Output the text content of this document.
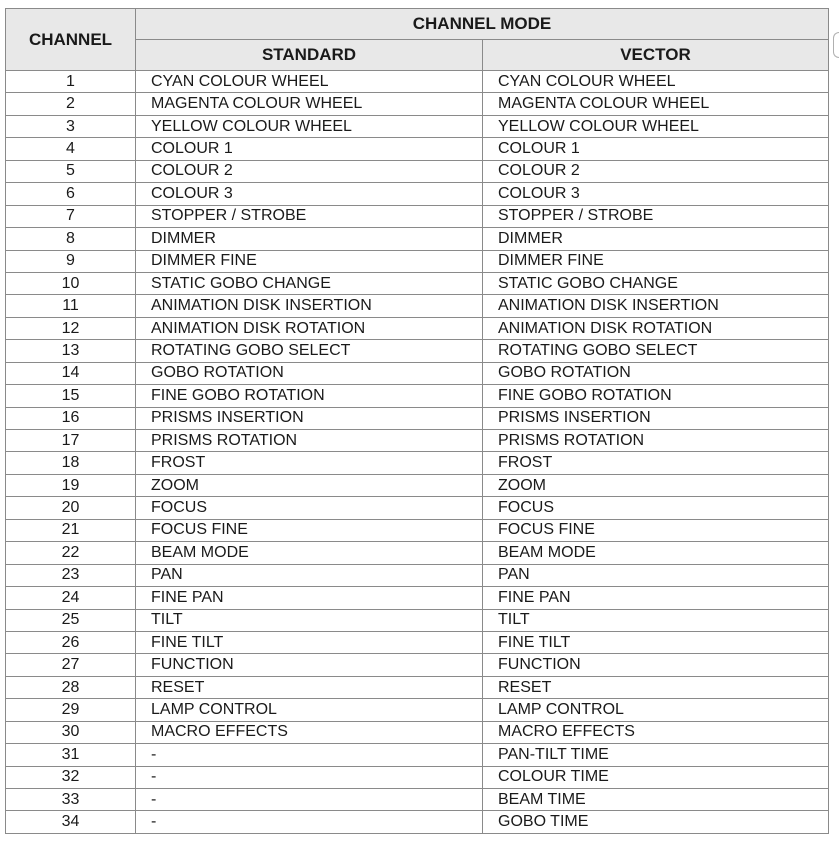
CHANNEL	CHANNEL MODE	
	STANDARD	VECTOR
1	CYAN COLOUR WHEEL	CYAN COLOUR WHEEL
2	MAGENTA COLOUR WHEEL	MAGENTA COLOUR WHEEL
3	YELLOW COLOUR WHEEL	YELLOW COLOUR WHEEL
4	COLOUR 1	COLOUR 1
5	COLOUR 2	COLOUR 2
6	COLOUR 3	COLOUR 3
7	STOPPER / STROBE	STOPPER / STROBE
8	DIMMER	DIMMER
9	DIMMER FINE	DIMMER FINE
10	STATIC GOBO CHANGE	STATIC GOBO CHANGE
11	ANIMATION DISK INSERTION	ANIMATION DISK INSERTION
12	ANIMATION DISK ROTATION	ANIMATION DISK ROTATION
13	ROTATING GOBO SELECT	ROTATING GOBO SELECT
14	GOBO ROTATION	GOBO ROTATION
15	FINE GOBO ROTATION	FINE GOBO ROTATION
16	PRISMS INSERTION	PRISMS INSERTION
17	PRISMS ROTATION	PRISMS ROTATION
18	FROST	FROST
19	ZOOM	ZOOM
20	FOCUS	FOCUS
21	FOCUS FINE	FOCUS FINE
22	BEAM MODE	BEAM MODE
23	PAN	PAN
24	FINE PAN	FINE PAN
25	TILT	TILT
26	FINE TILT	FINE TILT
27	FUNCTION	FUNCTION
28	RESET	RESET
29	LAMP CONTROL	LAMP CONTROL
30	MACRO EFFECTS	MACRO EFFECTS
31	-	PAN-TILT TIME
32	-	COLOUR TIME
33	-	BEAM TIME
34	-	GOBO TIME
